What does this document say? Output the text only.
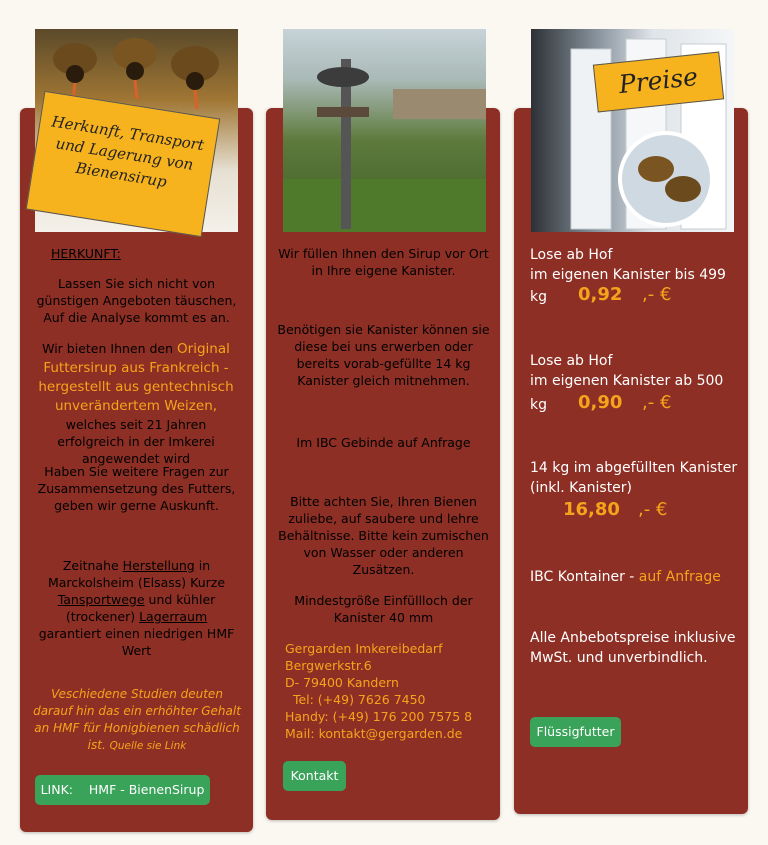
Herkunft, Transport und Lagerung von Bienensirup
Preise
HERKUNFT:
Lassen Sie sich nicht von günstigen Angeboten täuschen, Auf die Analyse kommt es an.
Wir bieten Ihnen den Original Futtersirup aus Frankreich - hergestellt aus gentechnisch unverändertem Weizen, welches seit 21 Jahren erfolgreich in der Imkerei angewendet wird
Haben Sie weitere Fragen zur Zusammensetzung des Futters, geben wir gerne Auskunft.
Zeitnahe Herstellung in Marckolsheim (Elsass) Kurze Tansportwege und kühler (trockener) Lagerraum garantiert einen niedrigen HMF Wert
Veschiedene Studien deuten darauf hin das ein erhöhter Gehalt an HMF für Honigbienen schädlich ist. Quelle sie Link
LINK:    HMF - BienenSirup
Wir füllen Ihnen den Sirup vor Ort in Ihre eigene Kanister.
Benötigen sie Kanister können sie diese bei uns erwerben oder bereits vorab-gefüllte 14 kg Kanister gleich mitnehmen.
Im IBC Gebinde auf Anfrage
Bitte achten Sie, Ihren Bienen zuliebe, auf saubere und lehre Behältnisse. Bitte kein zumischen von Wasser oder anderen Zusätzen.
Mindestgröße Einfüllloch der Kanister 40 mm
Gergarden Imkereibedarf
Bergwerkstr.6
D- 79400 Kandern
Tel: (+49) 7626 7450
Handy: (+49) 176 200 7575 8
Mail: kontakt@gergarden.de
Kontakt
Lose ab Hof
im eigenen Kanister bis 499
kg 0,92 ,- €
Lose ab Hof
im eigenen Kanister ab 500
kg 0,90 ,- €
14 kg im abgefüllten Kanister
(inkl. Kanister)
16,80 ,- €
IBC Kontainer - auf Anfrage
Alle Anbebotspreise inklusive MwSt. und unverbindlich.
Flüssigfutter
